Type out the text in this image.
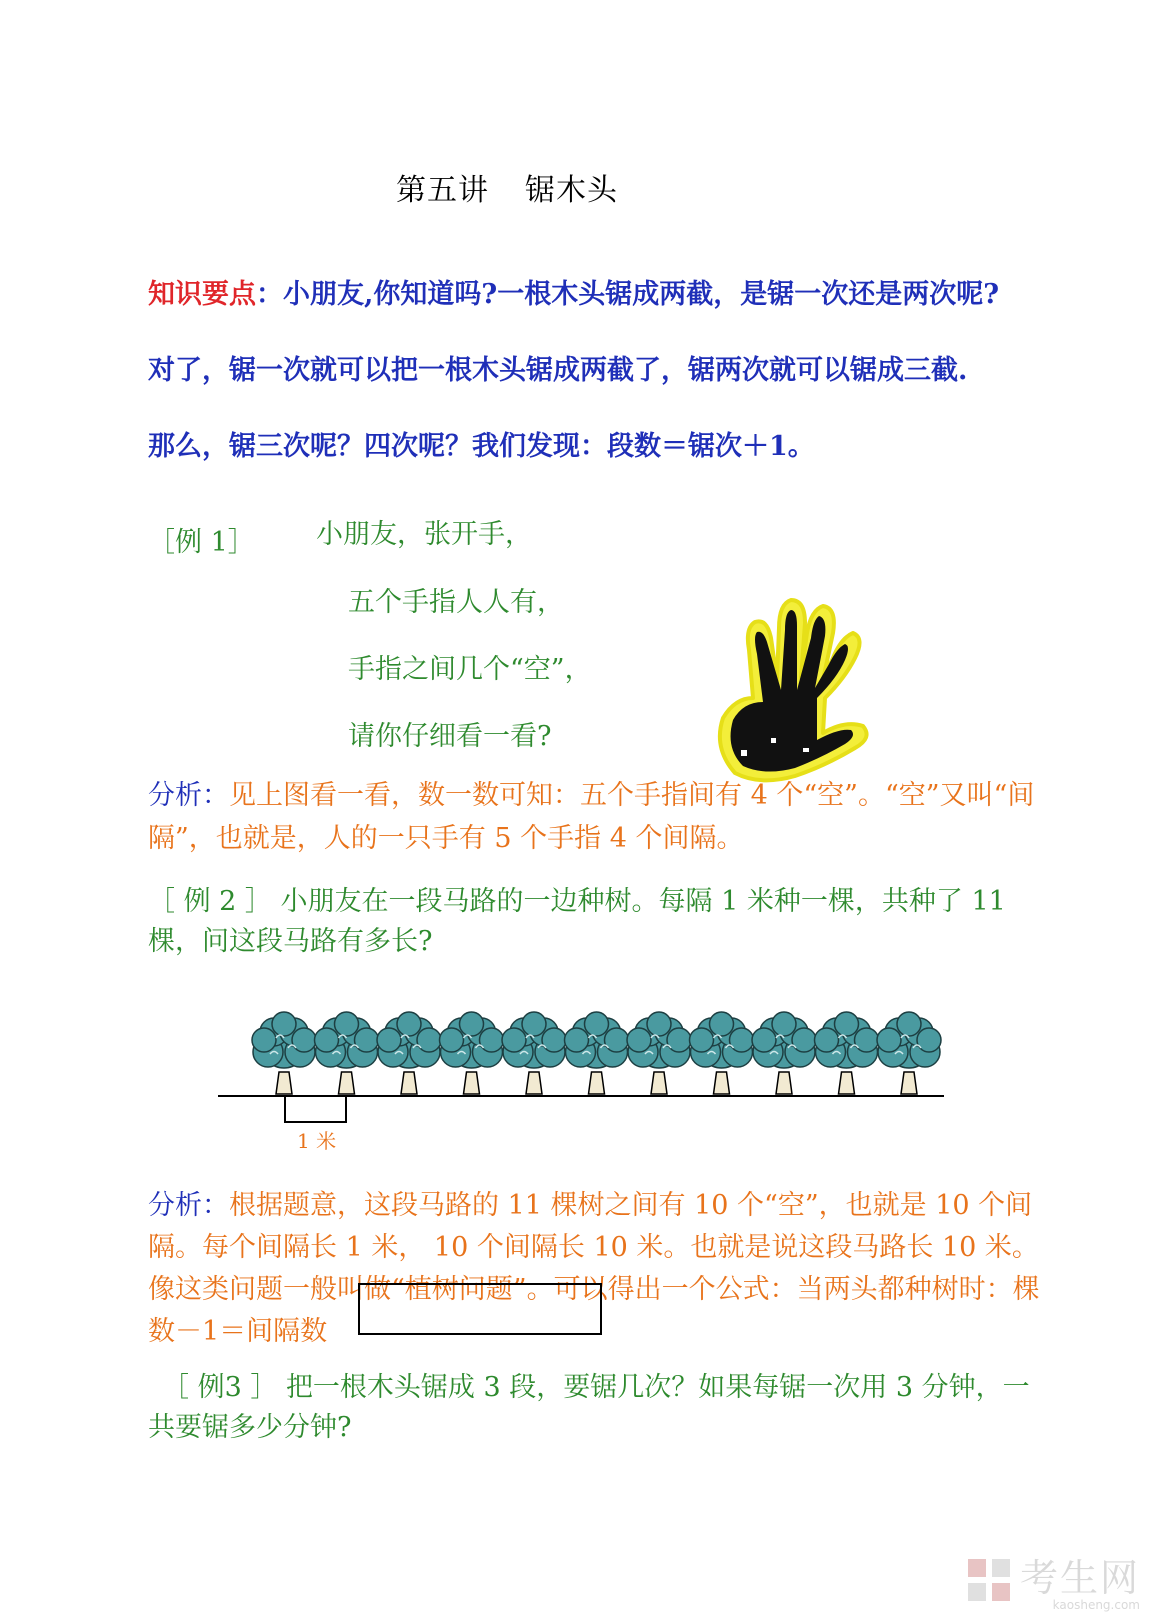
第五讲 锯木头
知识要点：小朋友,你知道吗?一根木头锯成两截，是锯一次还是两次呢?
对了，锯一次就可以把一根木头锯成两截了，锯两次就可以锯成三截.
那么，锯三次呢？四次呢？我们发现：段数＝锯次＋1。
［例 1］ 小朋友，张开手，
五个手指人人有，
手指之间几个“空”，
请你仔细看一看?
分析：见上图看一看，数一数可知：五个手指间有 4 个“空”。“空”又叫“间隔”，也就是，人的一只手有 5 个手指 4 个间隔。
［ 例 2 ］ 小朋友在一段马路的一边种树。每隔 1 米种一棵，共种了 11 棵，问这段马路有多长?
1 米
分析：根据题意，这段马路的 11 棵树之间有 10 个“空”，也就是 10 个间隔。每个间隔长 1 米， 10 个间隔长 10 米。也就是说这段马路长 10 米。像这类问题一般叫做“植树问题”。可以得出一个公式：当两头都种树时：棵数－1＝间隔数
［ 例3 ］ 把一根木头锯成 3 段，要锯几次？如果每锯一次用 3 分钟，一共要锯多少分钟?
考生网
kaosheng.com
